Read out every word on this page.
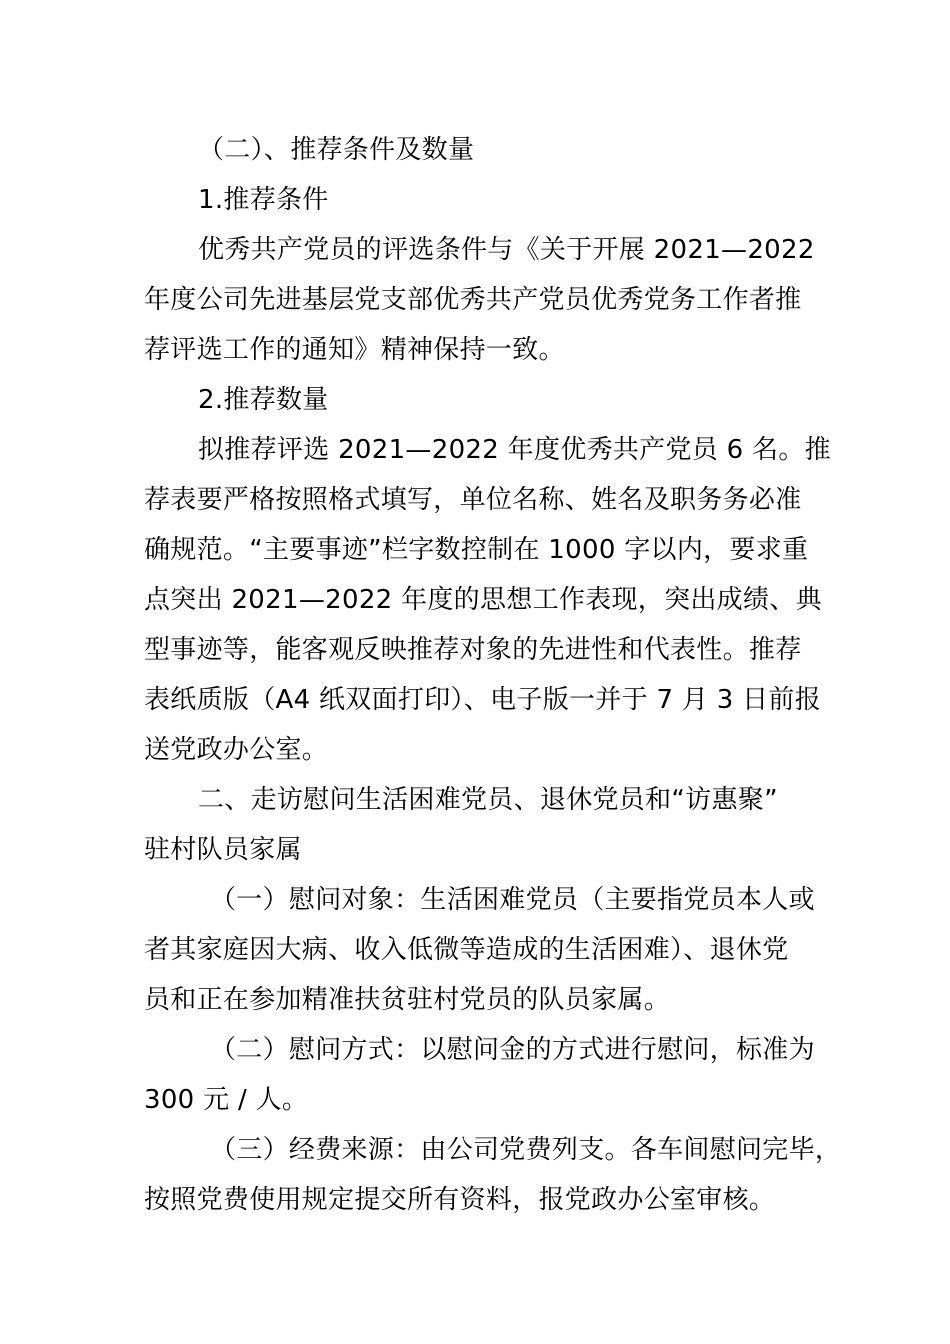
（二）、推荐条件及数量
1.推荐条件
优秀共产党员的评选条件与《关于开展 2021—2022
年度公司先进基层党支部优秀共产党员优秀党务工作者推
荐评选工作的通知》精神保持一致。
2.推荐数量
拟推荐评选 2021—2022 年度优秀共产党员 6 名。推
荐表要严格按照格式填写，单位名称、姓名及职务务必准
确规范。“主要事迹”栏字数控制在 1000 字以内，要求重
点突出 2021—2022 年度的思想工作表现，突出成绩、典
型事迹等，能客观反映推荐对象的先进性和代表性。推荐
表纸质版（A4 纸双面打印）、电子版一并于 7 月 3 日前报
送党政办公室。
二、走访慰问生活困难党员、退休党员和“访惠聚”
驻村队员家属
（一）慰问对象：生活困难党员（主要指党员本人或
者其家庭因大病、收入低微等造成的生活困难）、退休党
员和正在参加精准扶贫驻村党员的队员家属。
（二）慰问方式：以慰问金的方式进行慰问，标准为
300 元 / 人。
（三）经费来源：由公司党费列支。各车间慰问完毕，
按照党费使用规定提交所有资料，报党政办公室审核。
